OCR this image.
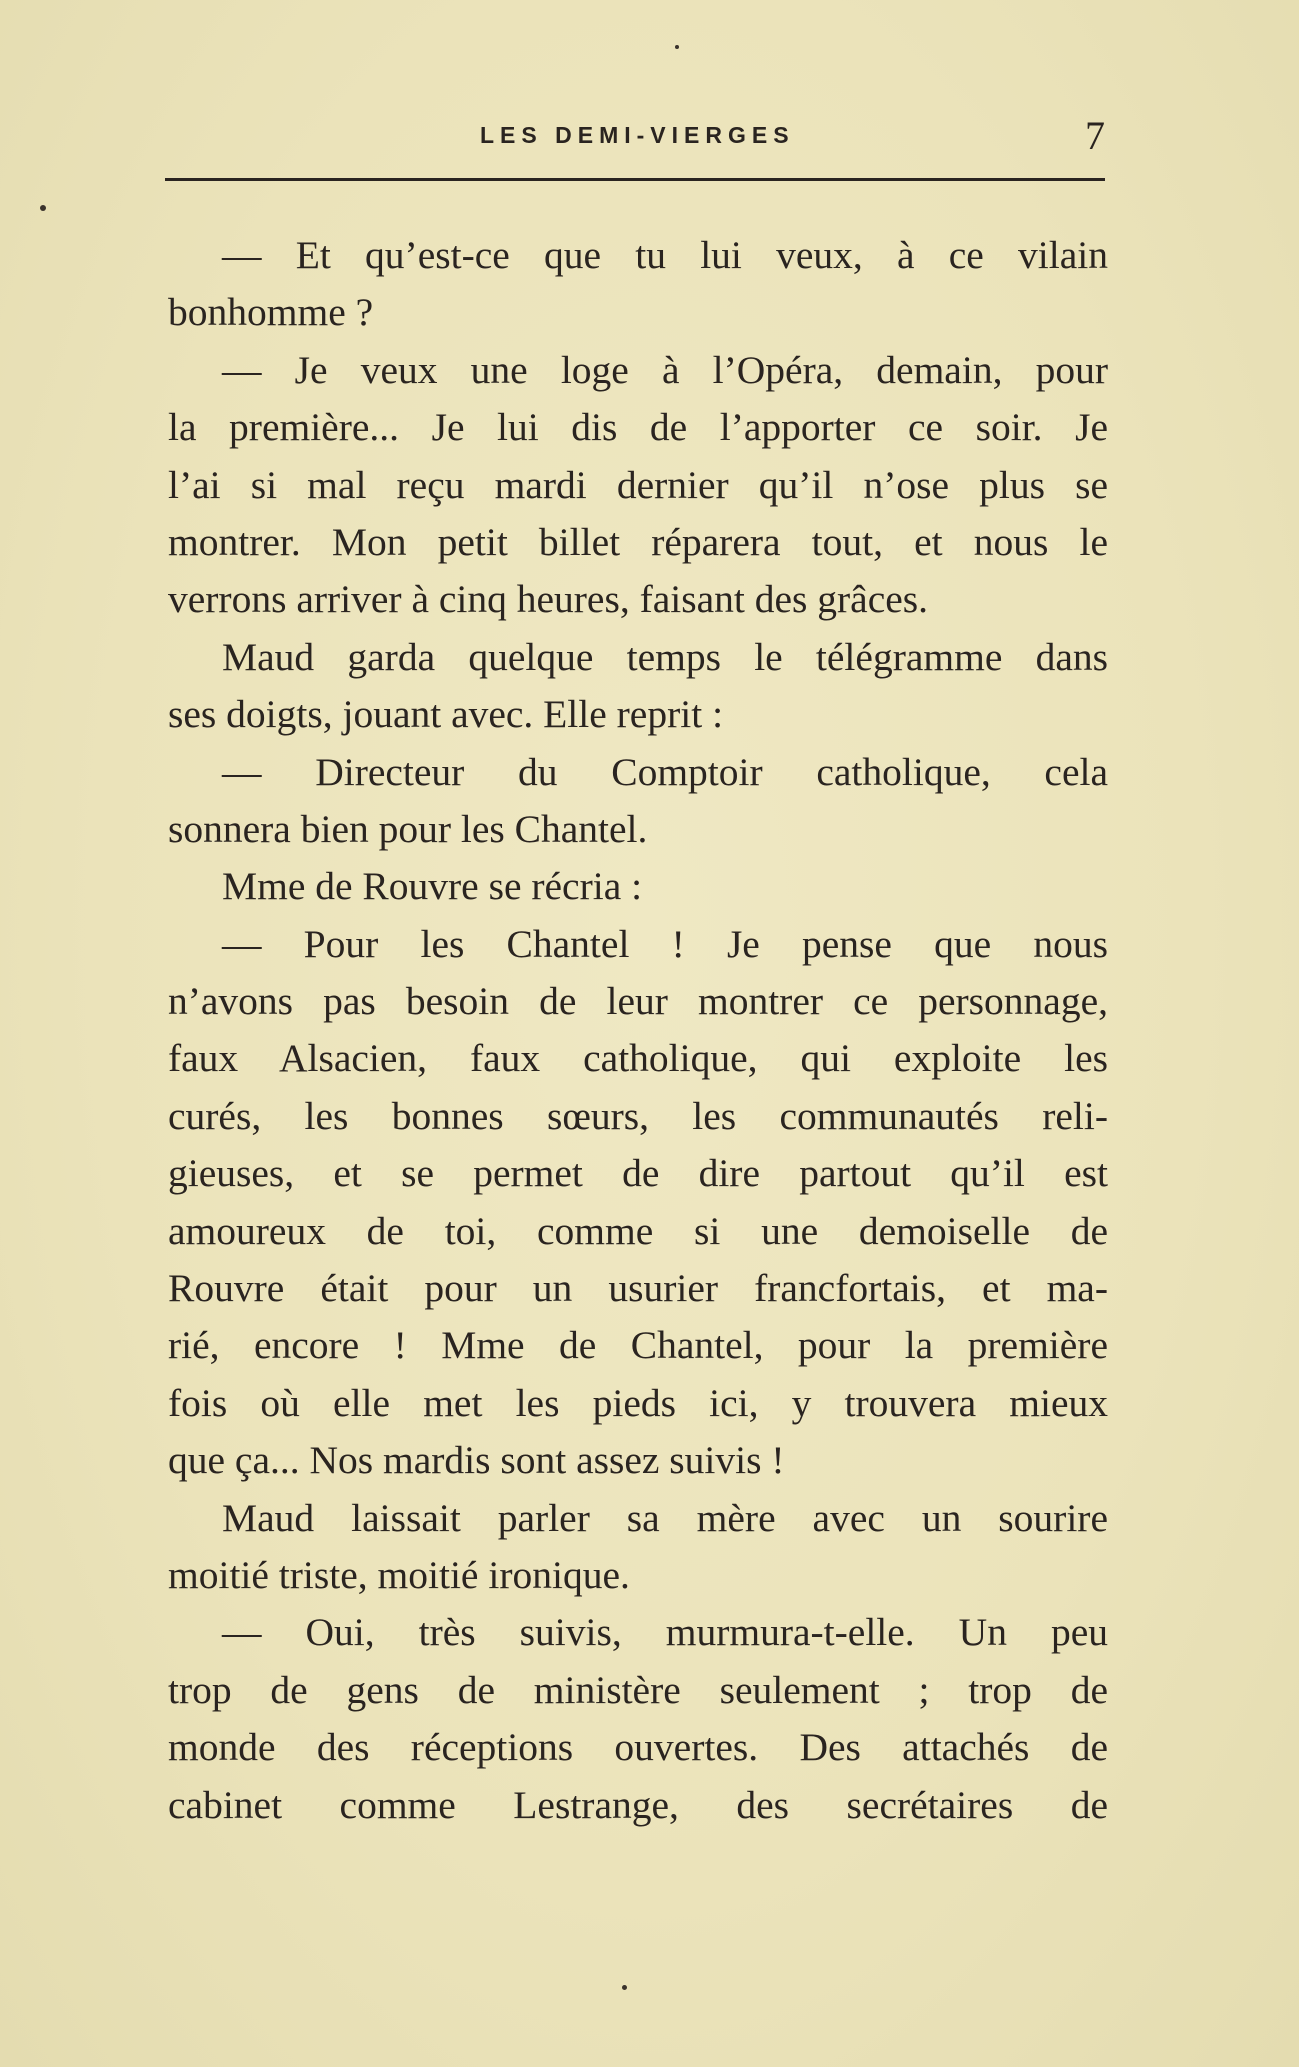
LES DEMI-VIERGES	7
— Et qu’est-ce que tu lui veux, à ce vilain
bonhomme ?
— Je veux une loge à l’Opéra, demain, pour
la première... Je lui dis de l’apporter ce soir. Je
l’ai si mal reçu mardi dernier qu’il n’ose plus se
montrer. Mon petit billet réparera tout, et nous le
verrons arriver à cinq heures, faisant des grâces.
Maud garda quelque temps le télégramme dans
ses doigts, jouant avec. Elle reprit :
— Directeur du Comptoir catholique, cela
sonnera bien pour les Chantel.
Mme de Rouvre se récria :
— Pour les Chantel ! Je pense que nous
n’avons pas besoin de leur montrer ce personnage,
faux Alsacien, faux catholique, qui exploite les
curés, les bonnes sœurs, les communautés reli-
gieuses, et se permet de dire partout qu’il est
amoureux de toi, comme si une demoiselle de
Rouvre était pour un usurier francfortais, et ma-
rié, encore ! Mme de Chantel, pour la première
fois où elle met les pieds ici, y trouvera mieux
que ça... Nos mardis sont assez suivis !
Maud laissait parler sa mère avec un sourire
moitié triste, moitié ironique.
— Oui, très suivis, murmura-t-elle. Un peu
trop de gens de ministère seulement ; trop de
monde des réceptions ouvertes. Des attachés de
cabinet comme Lestrange, des secrétaires de
